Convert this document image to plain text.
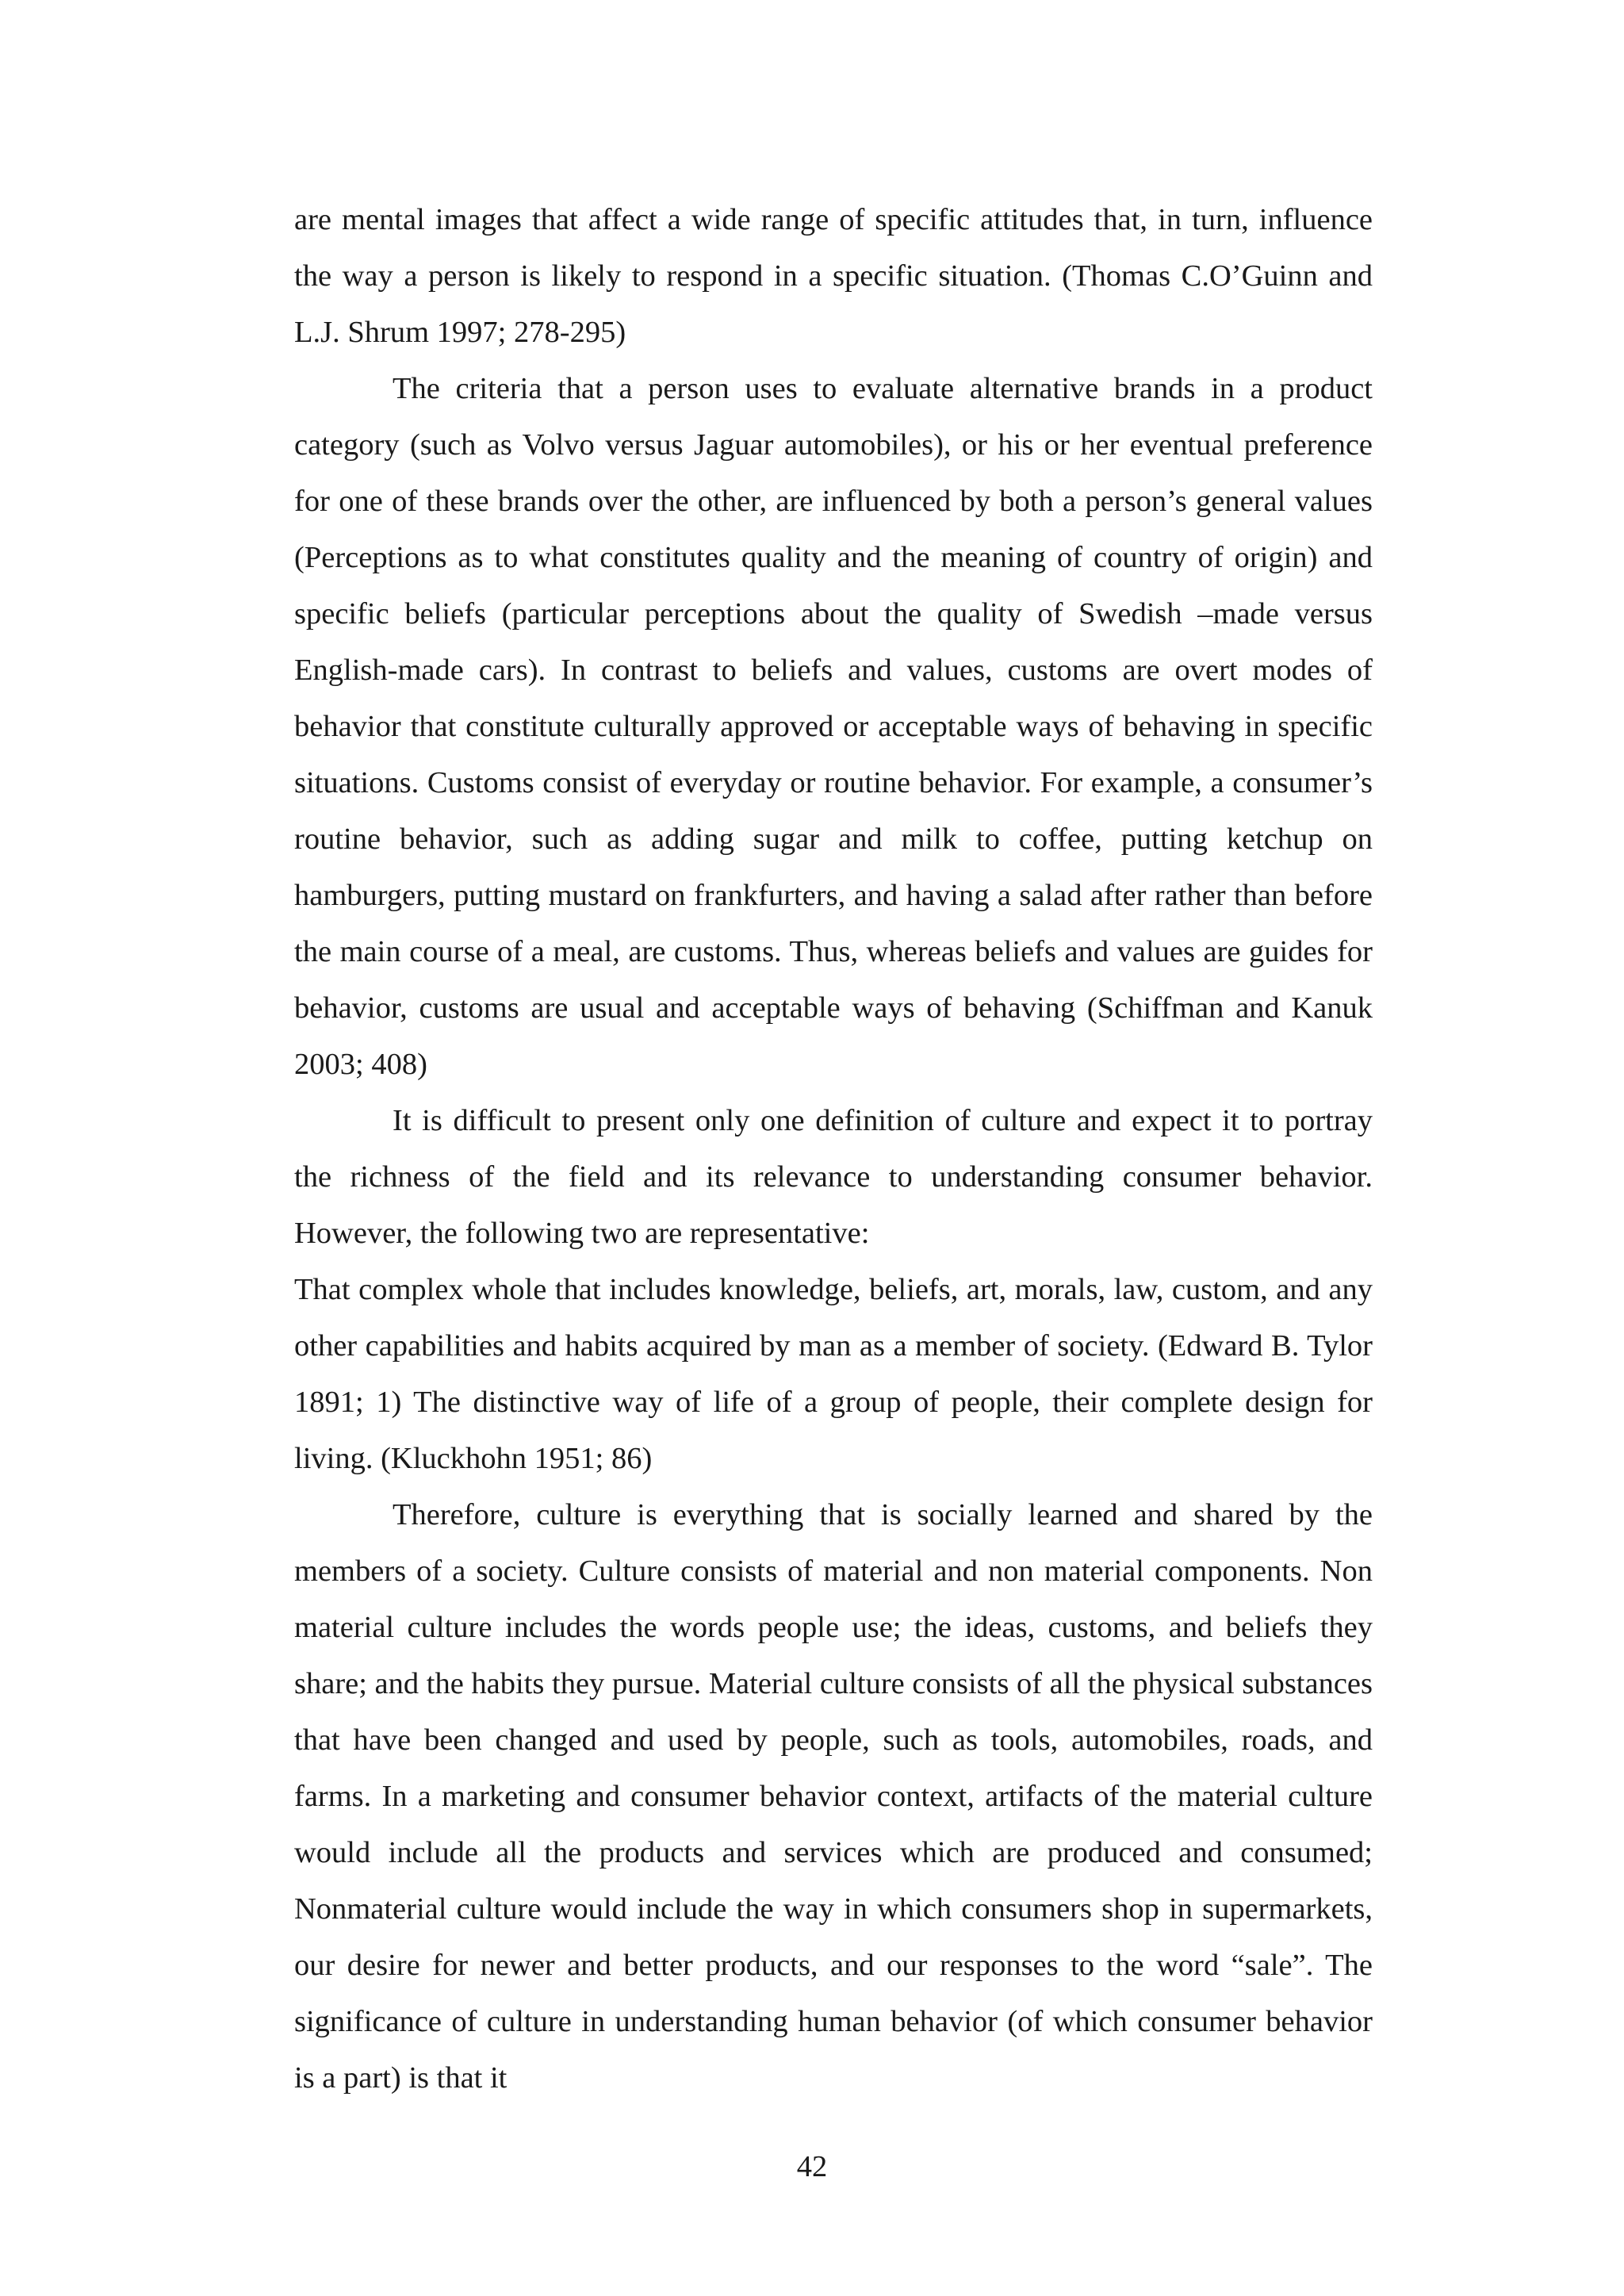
are mental images that affect a wide range of specific attitudes that, in turn, influence the way a person is likely to respond in a specific situation. (Thomas C.O’Guinn and L.J. Shrum 1997; 278-295)

The criteria that a person uses to evaluate alternative brands in a product category (such as Volvo versus Jaguar automobiles), or his or her eventual preference for one of these brands over the other, are influenced by both a person’s general values (Perceptions as to what constitutes quality and the meaning of country of origin) and specific beliefs (particular perceptions about the quality of Swedish –made versus English-made cars). In contrast to beliefs and values, customs are overt modes of behavior that constitute culturally approved or acceptable ways of behaving in specific situations. Customs consist of everyday or routine behavior. For example, a consumer’s routine behavior, such as adding sugar and milk to coffee, putting ketchup on hamburgers, putting mustard on frankfurters, and having a salad after rather than before the main course of a meal, are customs. Thus, whereas beliefs and values are guides for behavior, customs are usual and acceptable ways of behaving (Schiffman and Kanuk 2003; 408)

It is difficult to present only one definition of culture and expect it to portray the richness of the field and its relevance to understanding consumer behavior. However, the following two are representative:

That complex whole that includes knowledge, beliefs, art, morals, law, custom, and any other capabilities and habits acquired by man as a member of society. (Edward B. Tylor 1891; 1) The distinctive way of life of a group of people, their complete design for living. (Kluckhohn 1951; 86)

Therefore, culture is everything that is socially learned and shared by the members of a society. Culture consists of material and non material components. Non material culture includes the words people use; the ideas, customs, and beliefs they share; and the habits they pursue. Material culture consists of all the physical substances that have been changed and used by people, such as tools, automobiles, roads, and farms. In a marketing and consumer behavior context, artifacts of the material culture would include all the products and services which are produced and consumed; Nonmaterial culture would include the way in which consumers shop in supermarkets, our desire for newer and better products, and our responses to the word “sale”. The significance of culture in understanding human behavior (of which consumer behavior is a part) is that it

42
